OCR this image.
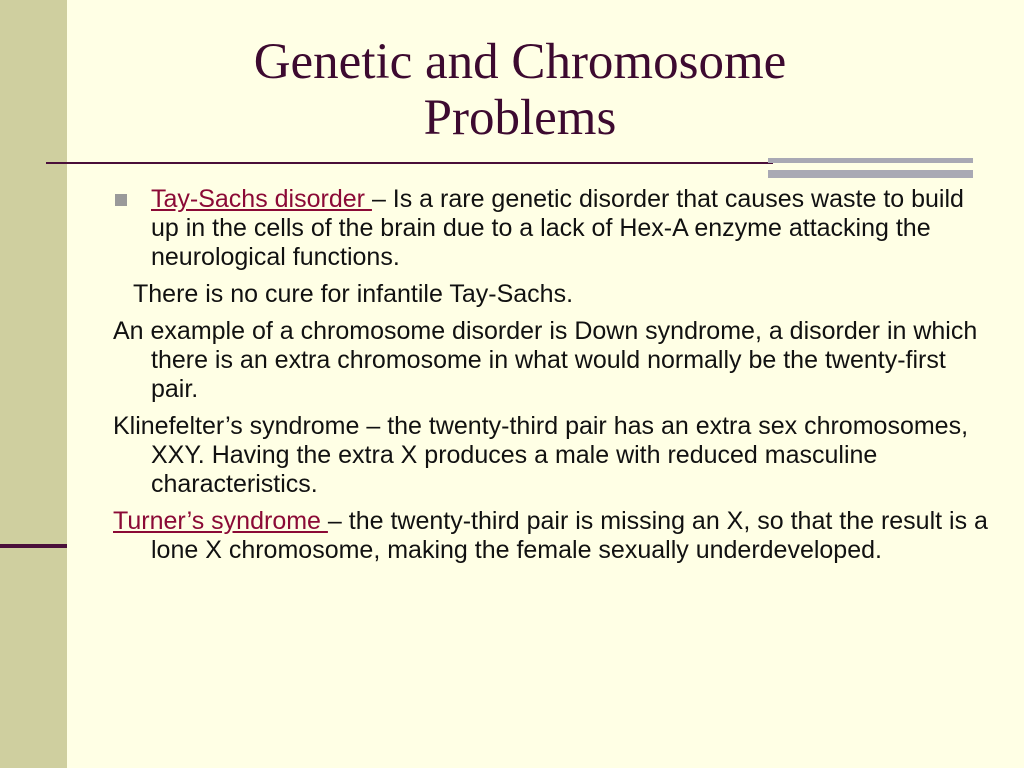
Genetic and Chromosome
Problems

Tay-Sachs disorder – Is a rare genetic disorder that causes waste to build up in the cells of the brain due to a lack of Hex-A enzyme attacking the neurological functions.

There is no cure for infantile Tay-Sachs.

An example of a chromosome disorder is Down syndrome, a disorder in which there is an extra chromosome in what would normally be the twenty-first pair.

Klinefelter’s syndrome – the twenty-third pair has an extra sex chromosomes, XXY. Having the extra X produces a male with reduced masculine characteristics.

Turner’s syndrome – the twenty-third pair is missing an X, so that the result is a lone X chromosome, making the female sexually underdeveloped.
